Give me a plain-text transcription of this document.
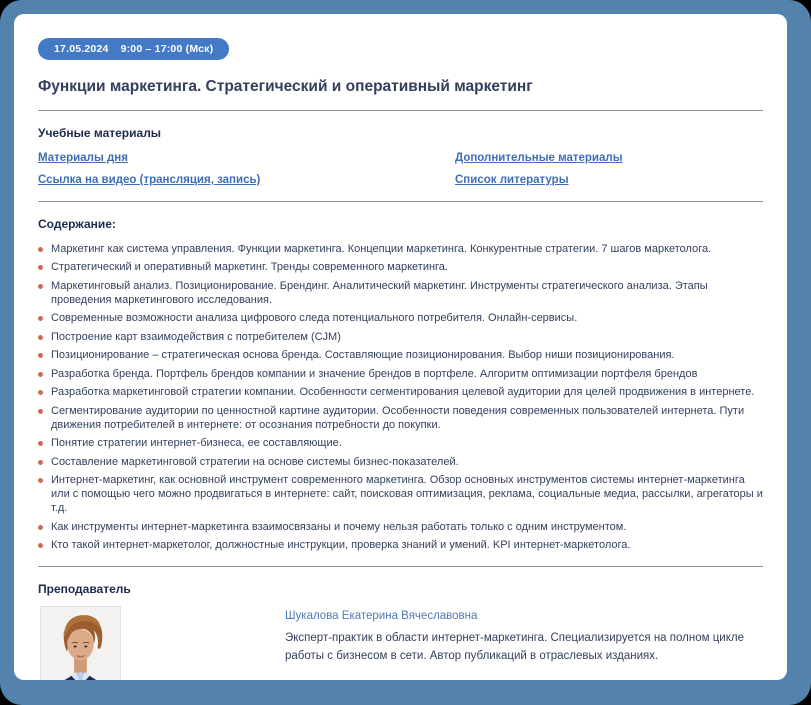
17.05.2024 9:00 – 17:00 (Мск)
Функции маркетинга. Стратегический и оперативный маркетинг
Учебные материалы
Материалы дня	Дополнительные материалы
Ссылка на видео (трансляция, запись)	Список литературы
Содержание:
Маркетинг как система управления. Функции маркетинга. Концепции маркетинга. Конкурентные стратегии. 7 шагов маркетолога.
Стратегический и оперативный маркетинг. Тренды современного маркетинга.
Маркетинговый анализ. Позиционирование. Брендинг. Аналитический маркетинг. Инструменты стратегического анализа. Этапы проведения маркетингового исследования.
Современные возможности анализа цифрового следа потенциального потребителя. Онлайн-сервисы.
Построение карт взаимодействия с потребителем (CJM)
Позиционирование – стратегическая основа бренда. Составляющие позиционирования. Выбор ниши позиционирования.
Разработка бренда. Портфель брендов компании и значение брендов в портфеле. Алгоритм оптимизации портфеля брендов
Разработка маркетинговой стратегии компании. Особенности сегментирования целевой аудитории для целей продвижения в интернете.
Сегментирование аудитории по ценностной картине аудитории. Особенности поведения современных пользователей интернета. Пути движения потребителей в интернете: от осознания потребности до покупки.
Понятие стратегии интернет-бизнеса, ее составляющие.
Составление маркетинговой стратегии на основе системы бизнес-показателей.
Интернет-маркетинг, как основной инструмент современного маркетинга. Обзор основных инструментов системы интернет-маркетинга или с помощью чего можно продвигаться в интернете: сайт, поисковая оптимизация, реклама, социальные медиа, рассылки, агрегаторы и т.д.
Как инструменты интернет-маркетинга взаимосвязаны и почему нельзя работать только с одним инструментом.
Кто такой интернет-маркетолог, должностные инструкции, проверка знаний и умений. KPI интернет-маркетолога.
Преподаватель
Шукалова Екатерина Вячеславовна
Эксперт-практик в области интернет-маркетинга. Специализируется на полном цикле работы с бизнесом в сети. Автор публикаций в отраслевых изданиях.
